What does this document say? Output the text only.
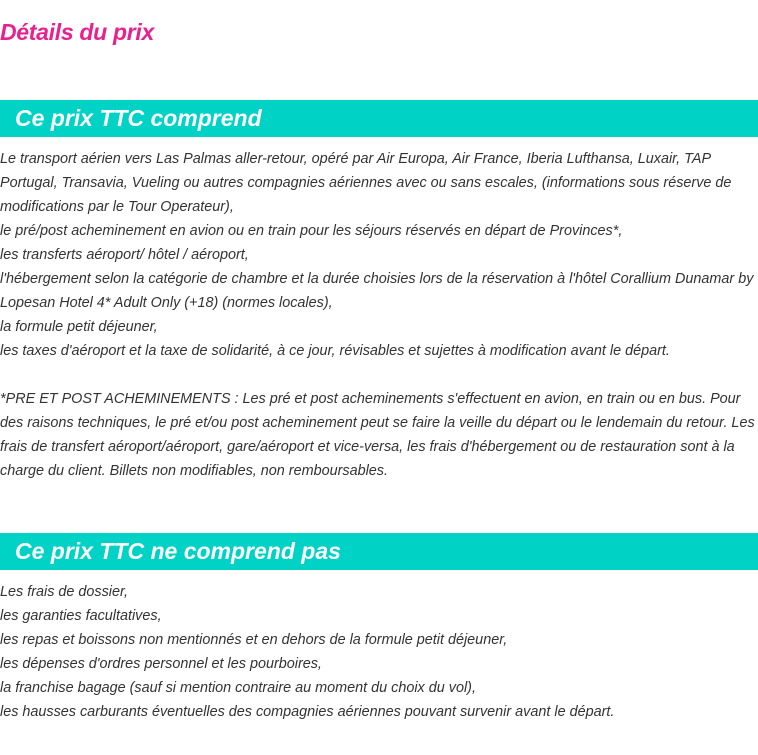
Détails du prix
Ce prix TTC comprend
Le transport aérien vers Las Palmas aller-retour, opéré par Air Europa, Air France, Iberia Lufthansa, Luxair, TAP Portugal, Transavia, Vueling ou autres compagnies aériennes avec ou sans escales, (informations sous réserve de modifications par le Tour Operateur),
le pré/post acheminement en avion ou en train pour les séjours réservés en départ de Provinces*,
les transferts aéroport/ hôtel / aéroport,
l'hébergement selon la catégorie de chambre et la durée choisies lors de la réservation à l'hôtel Corallium Dunamar by Lopesan Hotel 4* Adult Only (+18) (normes locales),
la formule petit déjeuner,
les taxes d'aéroport et la taxe de solidarité, à ce jour, révisables et sujettes à modification avant le départ.
*PRE ET POST ACHEMINEMENTS : Les pré et post acheminements s'effectuent en avion, en train ou en bus. Pour des raisons techniques, le pré et/ou post acheminement peut se faire la veille du départ ou le lendemain du retour. Les frais de transfert aéroport/aéroport, gare/aéroport et vice-versa, les frais d'hébergement ou de restauration sont à la charge du client. Billets non modifiables, non remboursables.
Ce prix TTC ne comprend pas
Les frais de dossier,
les garanties facultatives,
les repas et boissons non mentionnés et en dehors de la formule petit déjeuner,
les dépenses d'ordres personnel et les pourboires,
la franchise bagage (sauf si mention contraire au moment du choix du vol),
les hausses carburants éventuelles des compagnies aériennes pouvant survenir avant le départ.
